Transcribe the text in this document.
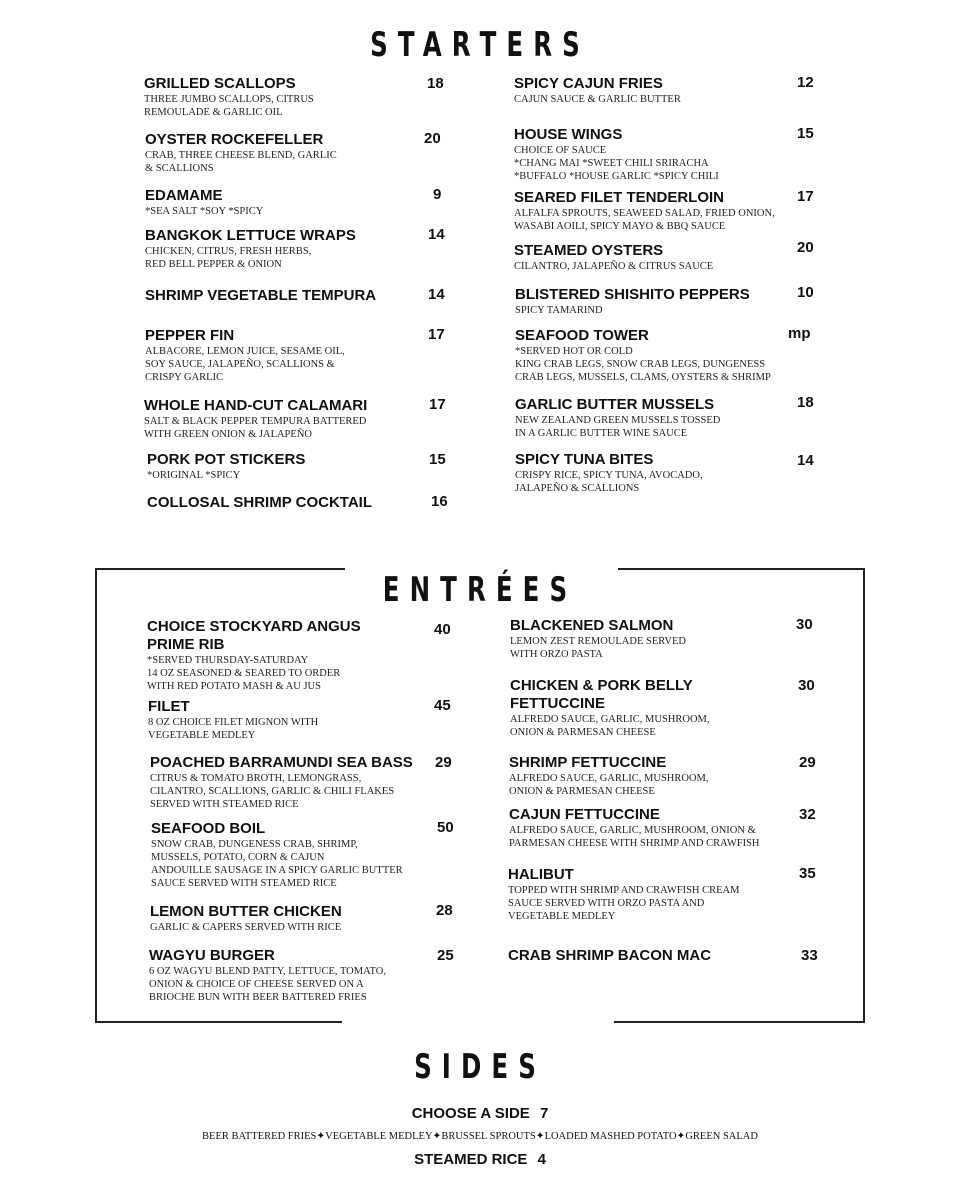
STARTERS
GRILLED SCALLOPS
THREE JUMBO SCALLOPS, CITRUS
REMOULADE & GARLIC OIL
18
OYSTER ROCKEFELLER
CRAB, THREE CHEESE BLEND, GARLIC
& SCALLIONS
20
EDAMAME
*SEA SALT *SOY *SPICY
9
BANGKOK LETTUCE WRAPS
CHICKEN, CITRUS, FRESH HERBS,
RED BELL PEPPER & ONION
14
SHRIMP VEGETABLE TEMPURA	14
PEPPER FIN
ALBACORE, LEMON JUICE, SESAME OIL,
SOY SAUCE, JALAPEÑO, SCALLIONS &
CRISPY GARLIC
17
WHOLE HAND-CUT CALAMARI
SALT & BLACK PEPPER TEMPURA BATTERED
WITH GREEN ONION & JALAPEÑO
17
PORK POT STICKERS
*ORIGINAL *SPICY
15
COLLOSAL SHRIMP COCKTAIL	16
SPICY CAJUN FRIES
CAJUN SAUCE & GARLIC BUTTER
12
HOUSE WINGS
CHOICE OF SAUCE
*CHANG MAI *SWEET CHILI SRIRACHA
*BUFFALO *HOUSE GARLIC *SPICY CHILI
15
SEARED FILET TENDERLOIN
ALFALFA SPROUTS, SEAWEED SALAD, FRIED ONION,
WASABI AOILI, SPICY MAYO & BBQ SAUCE
17
STEAMED OYSTERS
CILANTRO, JALAPEÑO & CITRUS SAUCE
20
BLISTERED SHISHITO PEPPERS
SPICY TAMARIND
10
SEAFOOD TOWER
*SERVED HOT OR COLD
KING CRAB LEGS, SNOW CRAB LEGS, DUNGENESS
CRAB LEGS, MUSSELS, CLAMS, OYSTERS & SHRIMP
mp
GARLIC BUTTER MUSSELS
NEW ZEALAND GREEN MUSSELS TOSSED
IN A GARLIC BUTTER WINE SAUCE
18
SPICY TUNA BITES
CRISPY RICE, SPICY TUNA, AVOCADO,
JALAPEÑO & SCALLIONS
14
ENTRÉES
CHOICE STOCKYARD ANGUS
PRIME RIB
*SERVED THURSDAY-SATURDAY
14 OZ SEASONED & SEARED TO ORDER
WITH RED POTATO MASH & AU JUS
40
FILET
8 OZ CHOICE FILET MIGNON WITH
VEGETABLE MEDLEY
45
POACHED BARRAMUNDI SEA BASS
CITRUS & TOMATO BROTH, LEMONGRASS,
CILANTRO, SCALLIONS, GARLIC & CHILI FLAKES
SERVED WITH STEAMED RICE
29
SEAFOOD BOIL
SNOW CRAB, DUNGENESS CRAB, SHRIMP,
MUSSELS, POTATO, CORN & CAJUN
ANDOUILLE SAUSAGE IN A SPICY GARLIC BUTTER
SAUCE SERVED WITH STEAMED RICE
50
LEMON BUTTER CHICKEN
GARLIC & CAPERS SERVED WITH RICE
28
WAGYU BURGER
6 OZ WAGYU BLEND PATTY, LETTUCE, TOMATO,
ONION & CHOICE OF CHEESE SERVED ON A
BRIOCHE BUN WITH BEER BATTERED FRIES
25
BLACKENED SALMON
LEMON ZEST REMOULADE SERVED
WITH ORZO PASTA
30
CHICKEN & PORK BELLY
FETTUCCINE
ALFREDO SAUCE, GARLIC, MUSHROOM,
ONION & PARMESAN CHEESE
30
SHRIMP FETTUCCINE
ALFREDO SAUCE, GARLIC, MUSHROOM,
ONION & PARMESAN CHEESE
29
CAJUN FETTUCCINE
ALFREDO SAUCE, GARLIC, MUSHROOM, ONION &
PARMESAN CHEESE WITH SHRIMP AND CRAWFISH
32
HALIBUT
TOPPED WITH SHRIMP AND CRAWFISH CREAM
SAUCE SERVED WITH ORZO PASTA AND
VEGETABLE MEDLEY
35
CRAB SHRIMP BACON MAC	33
SIDES
CHOOSE A SIDE 7
BEER BATTERED FRIES✦VEGETABLE MEDLEY✦BRUSSEL SPROUTS✦LOADED MASHED POTATO✦GREEN SALAD
STEAMED RICE 4
